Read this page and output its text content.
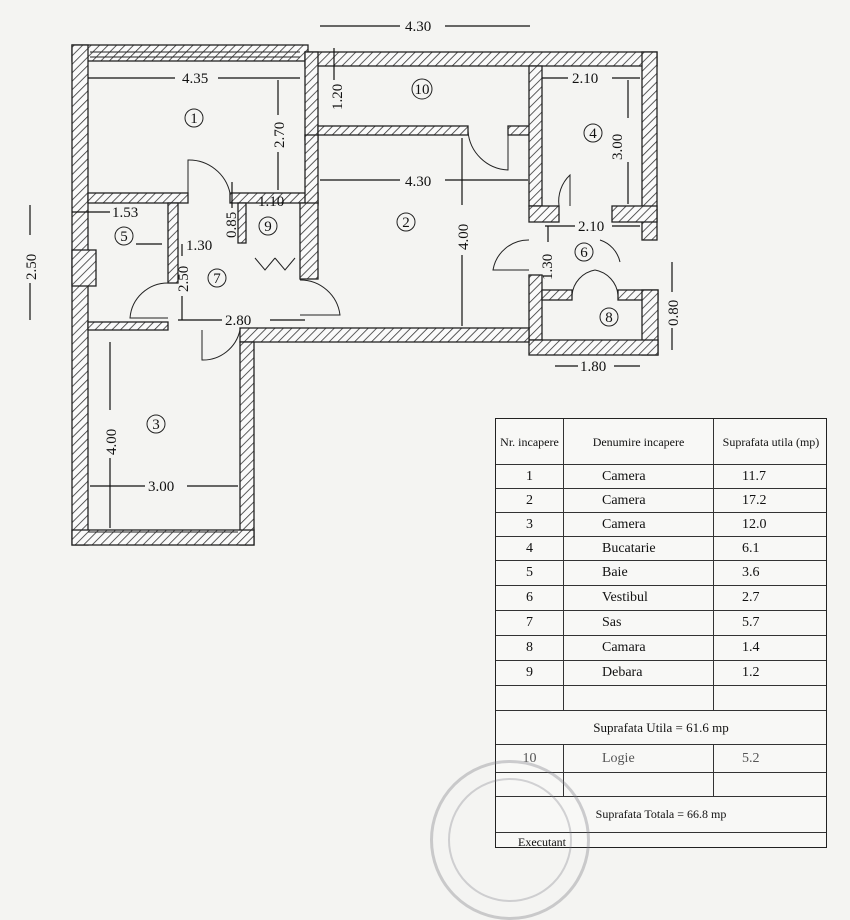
4.30
4.35
2.70
1.20
2.10
3.00
4.30
4.00
2.50
1.53
1.10
0.85
1.30
2.50
2.10
1.30
2.80	0.80
1.80
4.00
3.00
1
2
3
4
5
6
7
8
9
10
Nr. incapere	Denumire incapere	Suprafata utila (mp)
1	Camera	11.7
2	Camera	17.2
3	Camera	12.0
4	Bucatarie	6.1
5	Baie	3.6
6	Vestibul	2.7
7	Sas	5.7
8	Camara	1.4
9	Debara	1.2
Suprafata Utila = 61.6 mp
10	Logie	5.2
Suprafata Totala = 66.8 mp
Executant
